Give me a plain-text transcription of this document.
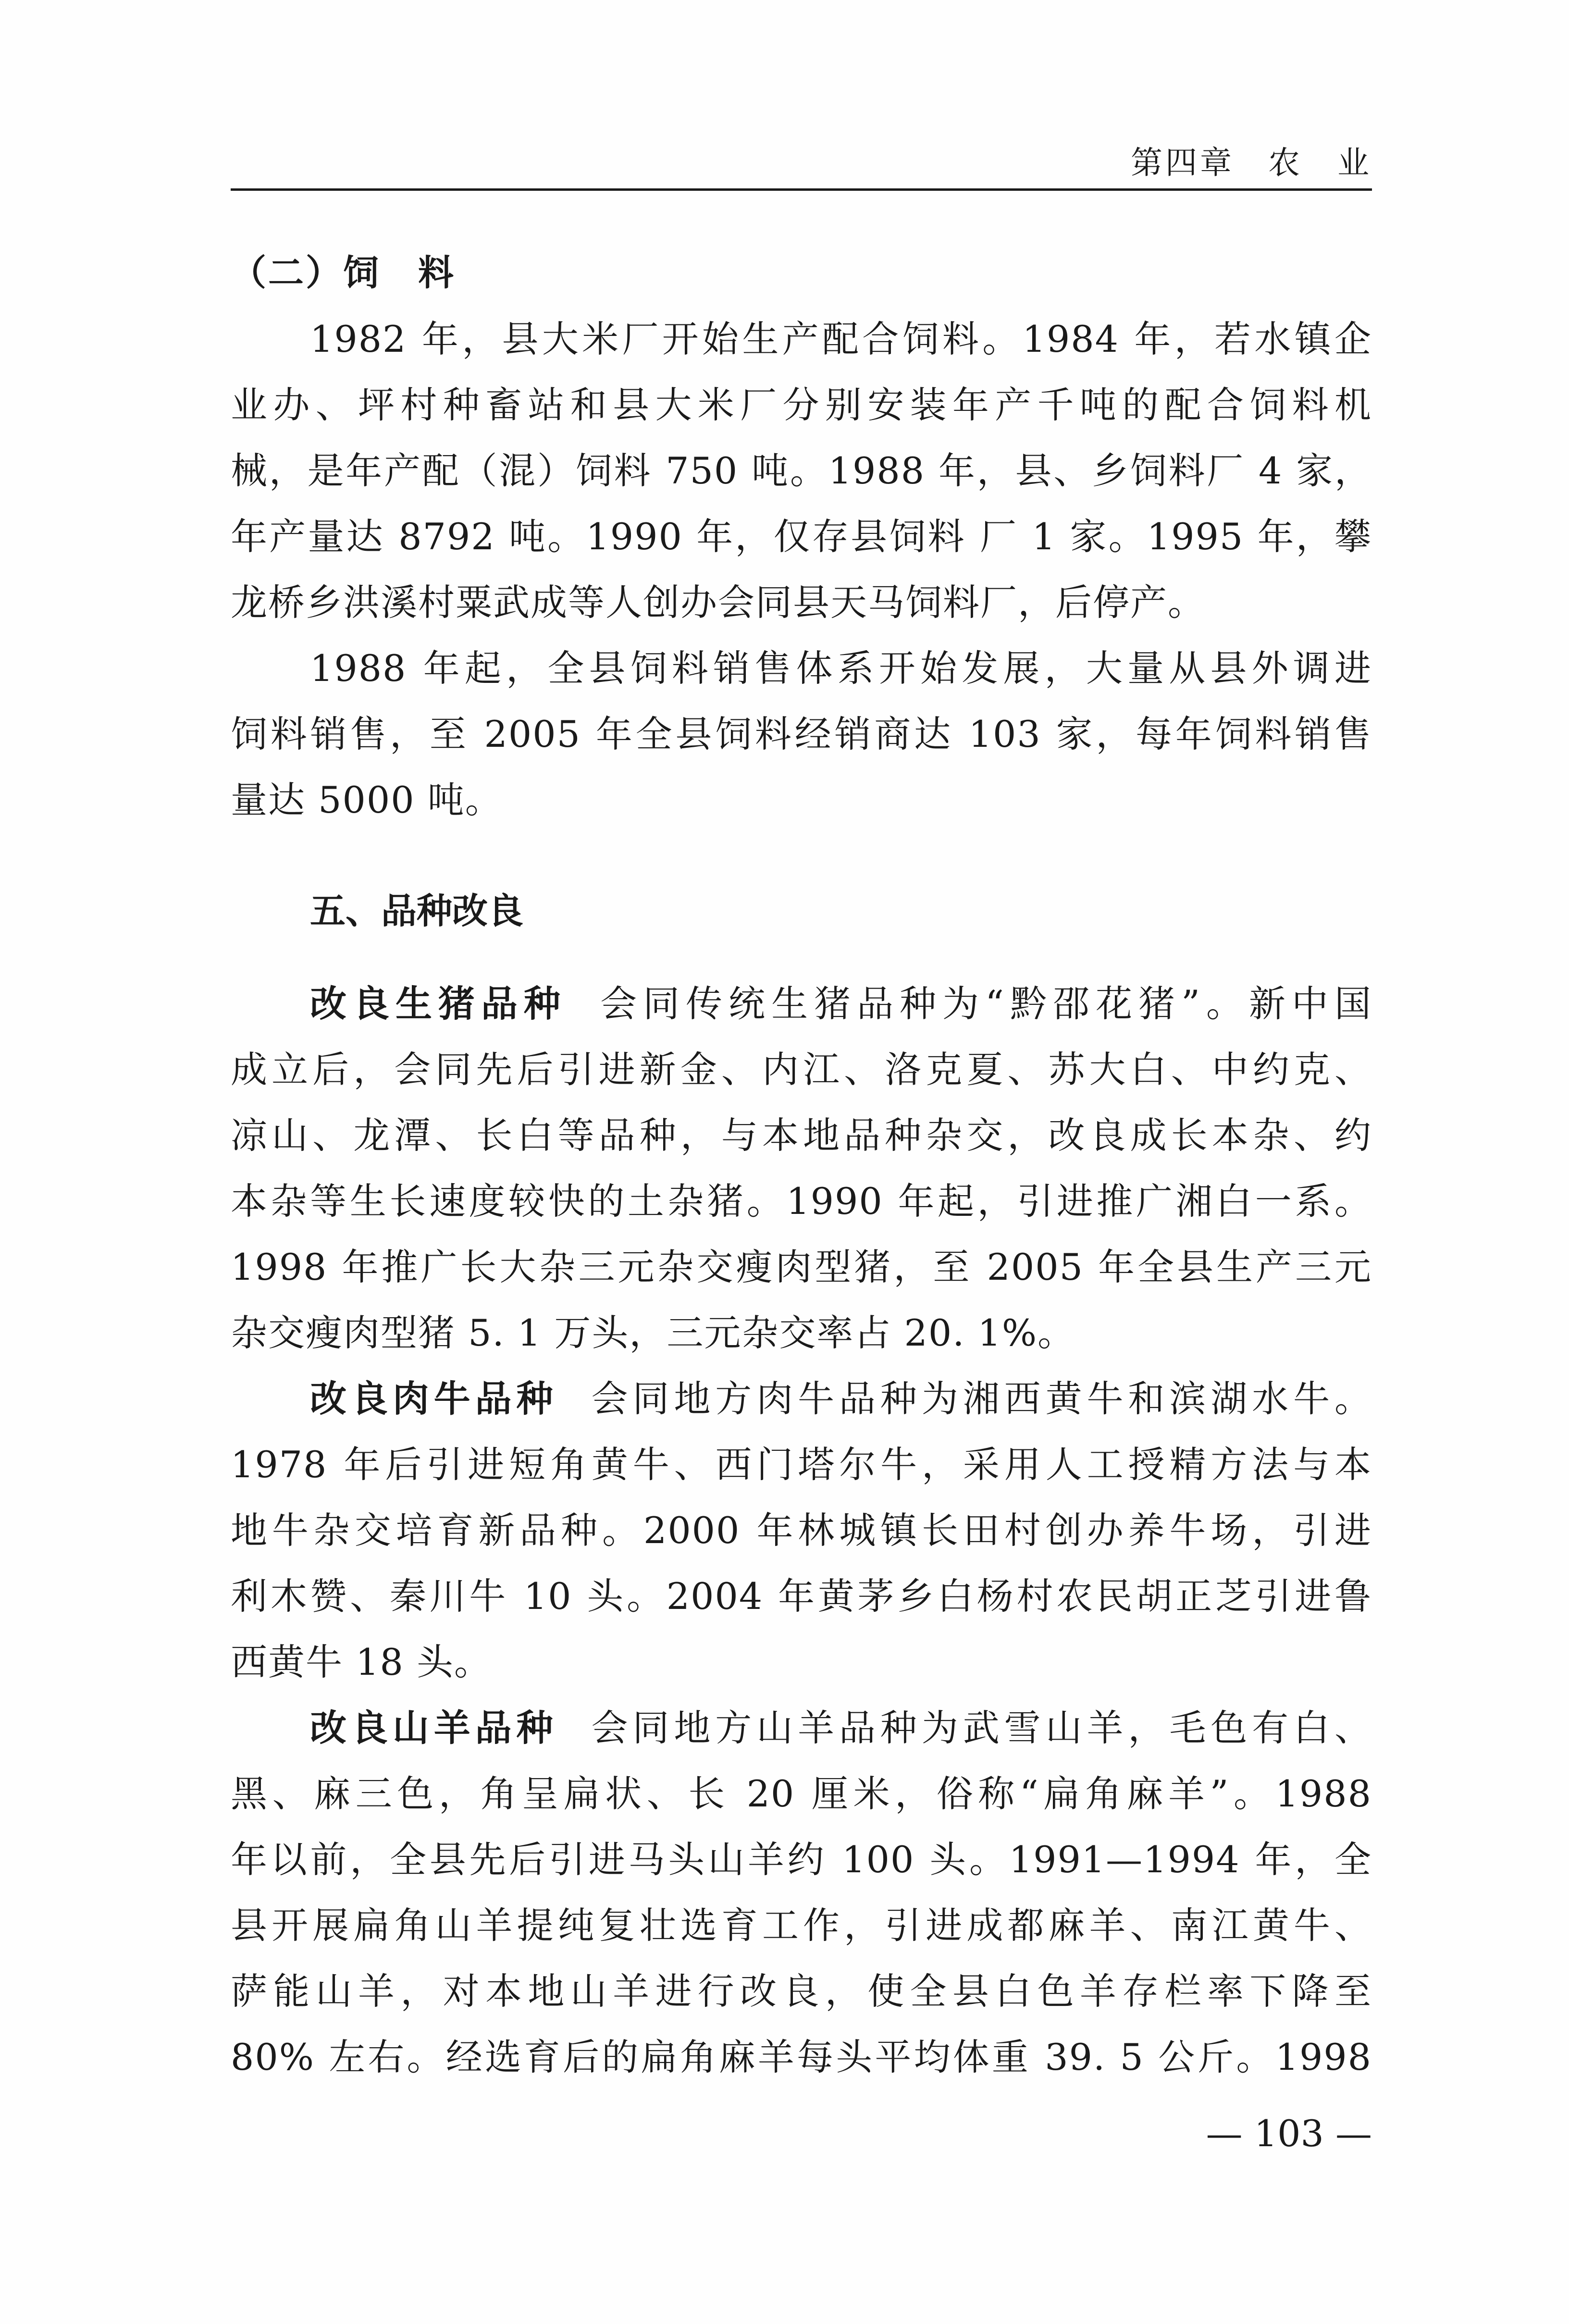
第四章 农　业
（二）饲　料
1982 年，县大米厂开始生产配合饲料。1984 年，若水镇企
业办、坪村种畜站和县大米厂分别安装年产千吨的配合饲料机
械，是年产配（混）饲料 750 吨。1988 年，县、乡饲料厂 4 家，
年产量达 8792 吨。1990 年，仅存县饲料 厂 1 家。1995 年，攀
龙桥乡洪溪村粟武成等人创办会同县天马饲料厂，后停产。
1988 年起，全县饲料销售体系开始发展，大量从县外调进
饲料销售，至 2005 年全县饲料经销商达 103 家，每年饲料销售
量达 5000 吨。
五、品种改良
改良生猪品种 会同传统生猪品种为“黔邵花猪”。新中国
成立后，会同先后引进新金、内江、洛克夏、苏大白、中约克、
凉山、龙潭、长白等品种，与本地品种杂交，改良成长本杂、约
本杂等生长速度较快的土杂猪。1990 年起，引进推广湘白一系。
1998 年推广长大杂三元杂交瘦肉型猪，至 2005 年全县生产三元
杂交瘦肉型猪 5. 1 万头，三元杂交率占 20. 1%。
改良肉牛品种 会同地方肉牛品种为湘西黄牛和滨湖水牛。
1978 年后引进短角黄牛、西门塔尔牛，采用人工授精方法与本
地牛杂交培育新品种。2000 年林城镇长田村创办养牛场，引进
利木赞、秦川牛 10 头。2004 年黄茅乡白杨村农民胡正芝引进鲁
西黄牛 18 头。
改良山羊品种 会同地方山羊品种为武雪山羊，毛色有白、
黑、麻三色，角呈扁状、长 20 厘米，俗称“扁角麻羊”。1988
年以前，全县先后引进马头山羊约 100 头。1991—1994 年，全
县开展扁角山羊提纯复壮选育工作，引进成都麻羊、南江黄牛、
萨能山羊，对本地山羊进行改良，使全县白色羊存栏率下降至
80% 左右。经选育后的扁角麻羊每头平均体重 39. 5 公斤。1998
— 103 —
